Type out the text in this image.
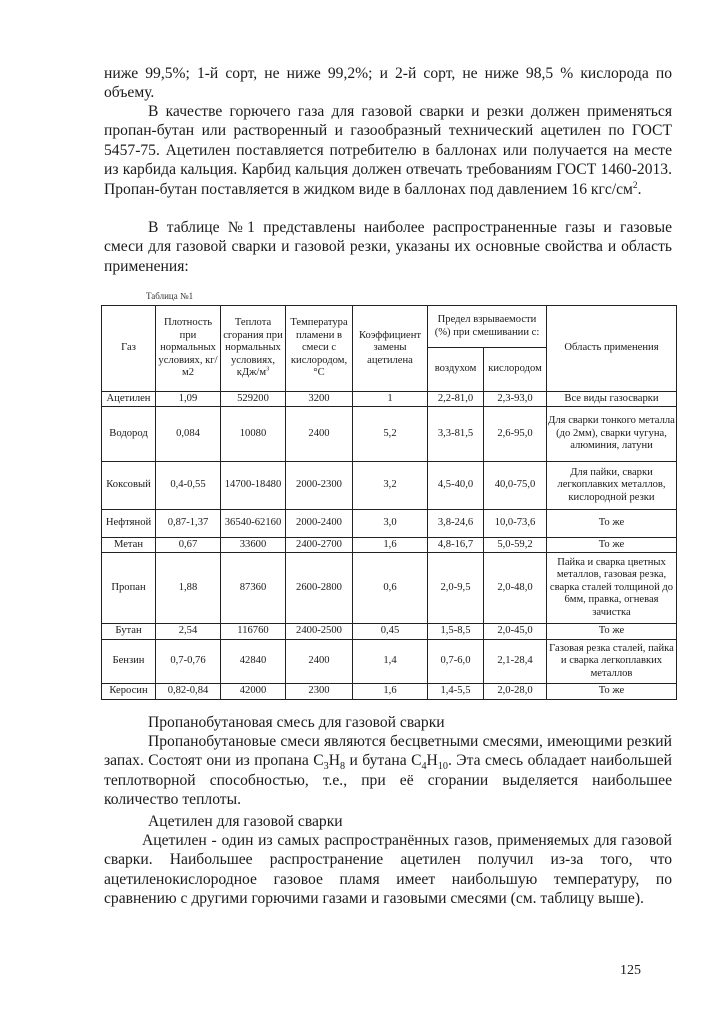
ниже 99,5%; 1-й сорт, не ниже 99,2%; и 2-й сорт, не ниже 98,5 % кислорода по объему.

В качестве горючего газа для газовой сварки и резки должен применяться пропан-бутан или растворенный и газообразный технический ацетилен по ГОСТ 5457-75. Ацетилен поставляется потребителю в баллонах или получается на месте из карбида кальция. Карбид кальция должен отвечать требованиям ГОСТ 1460-2013. Пропан-бутан поставляется в жидком виде в баллонах под давлением 16 кгс/$см^2$.

В таблице №1 представлены наиболее распространенные газы и газовые смеси для газовой сварки и газовой резки, указаны их основные свойства и область применения:

Таблица №1
Газ	Плотность при нормальных условиях, кг/м2	Теплота сгорания при нормальных условиях, кДж/$м^3$	Температура пламени в смеси с кислородом, °C	Коэффициент замены ацетилена	Предел взрываемости (%) при смешивании с:		Область применения
					воздухом	кислородом	
Ацетилен	1,09	529200	3200	1	2,2-81,0	2,3-93,0	Все виды газосварки
Водород	0,084	10080	2400	5,2	3,3-81,5	2,6-95,0	Для сварки тонкого металла (до 2мм), сварки чугуна, алюминия, латуни
Коксовый	0,4-0,55	14700-18480	2000-2300	3,2	4,5-40,0	40,0-75,0	Для пайки, сварки легкоплавких металлов, кислородной резки
Нефтяной	0,87-1,37	36540-62160	2000-2400	3,0	3,8-24,6	10,0-73,6	То же
Метан	0,67	33600	2400-2700	1,6	4,8-16,7	5,0-59,2	То же
Пропан	1,88	87360	2600-2800	0,6	2,0-9,5	2,0-48,0	Пайка и сварка цветных металлов, газовая резка, сварка сталей толщиной до 6мм, правка, огневая зачистка
Бутан	2,54	116760	2400-2500	0,45	1,5-8,5	2,0-45,0	То же
Бензин	0,7-0,76	42840	2400	1,4	0,7-6,0	2,1-28,4	Газовая резка сталей, пайка и сварка легкоплавких металлов
Керосин	0,82-0,84	42000	2300	1,6	1,4-5,5	2,0-28,0	То же
Пропанобутановая смесь для газовой сварки

Пропанобутановые смеси являются бесцветными смесями, имеющими резкий запах. Состоят они из пропана $C_3H_8$ и бутана $C_4H_{10}$. Эта смесь обладает наибольшей теплотворной способностью, т.е., при её сгорании выделяется наибольшее количество теплоты.

Ацетилен для газовой сварки

Ацетилен - один из самых распространённых газов, применяемых для газовой сварки. Наибольшее распространение ацетилен получил из-за того, что ацетиленокислородное газовое пламя имеет наибольшую температуру, по сравнению с другими горючими газами и газовыми смесями (см. таблицу выше).

125
